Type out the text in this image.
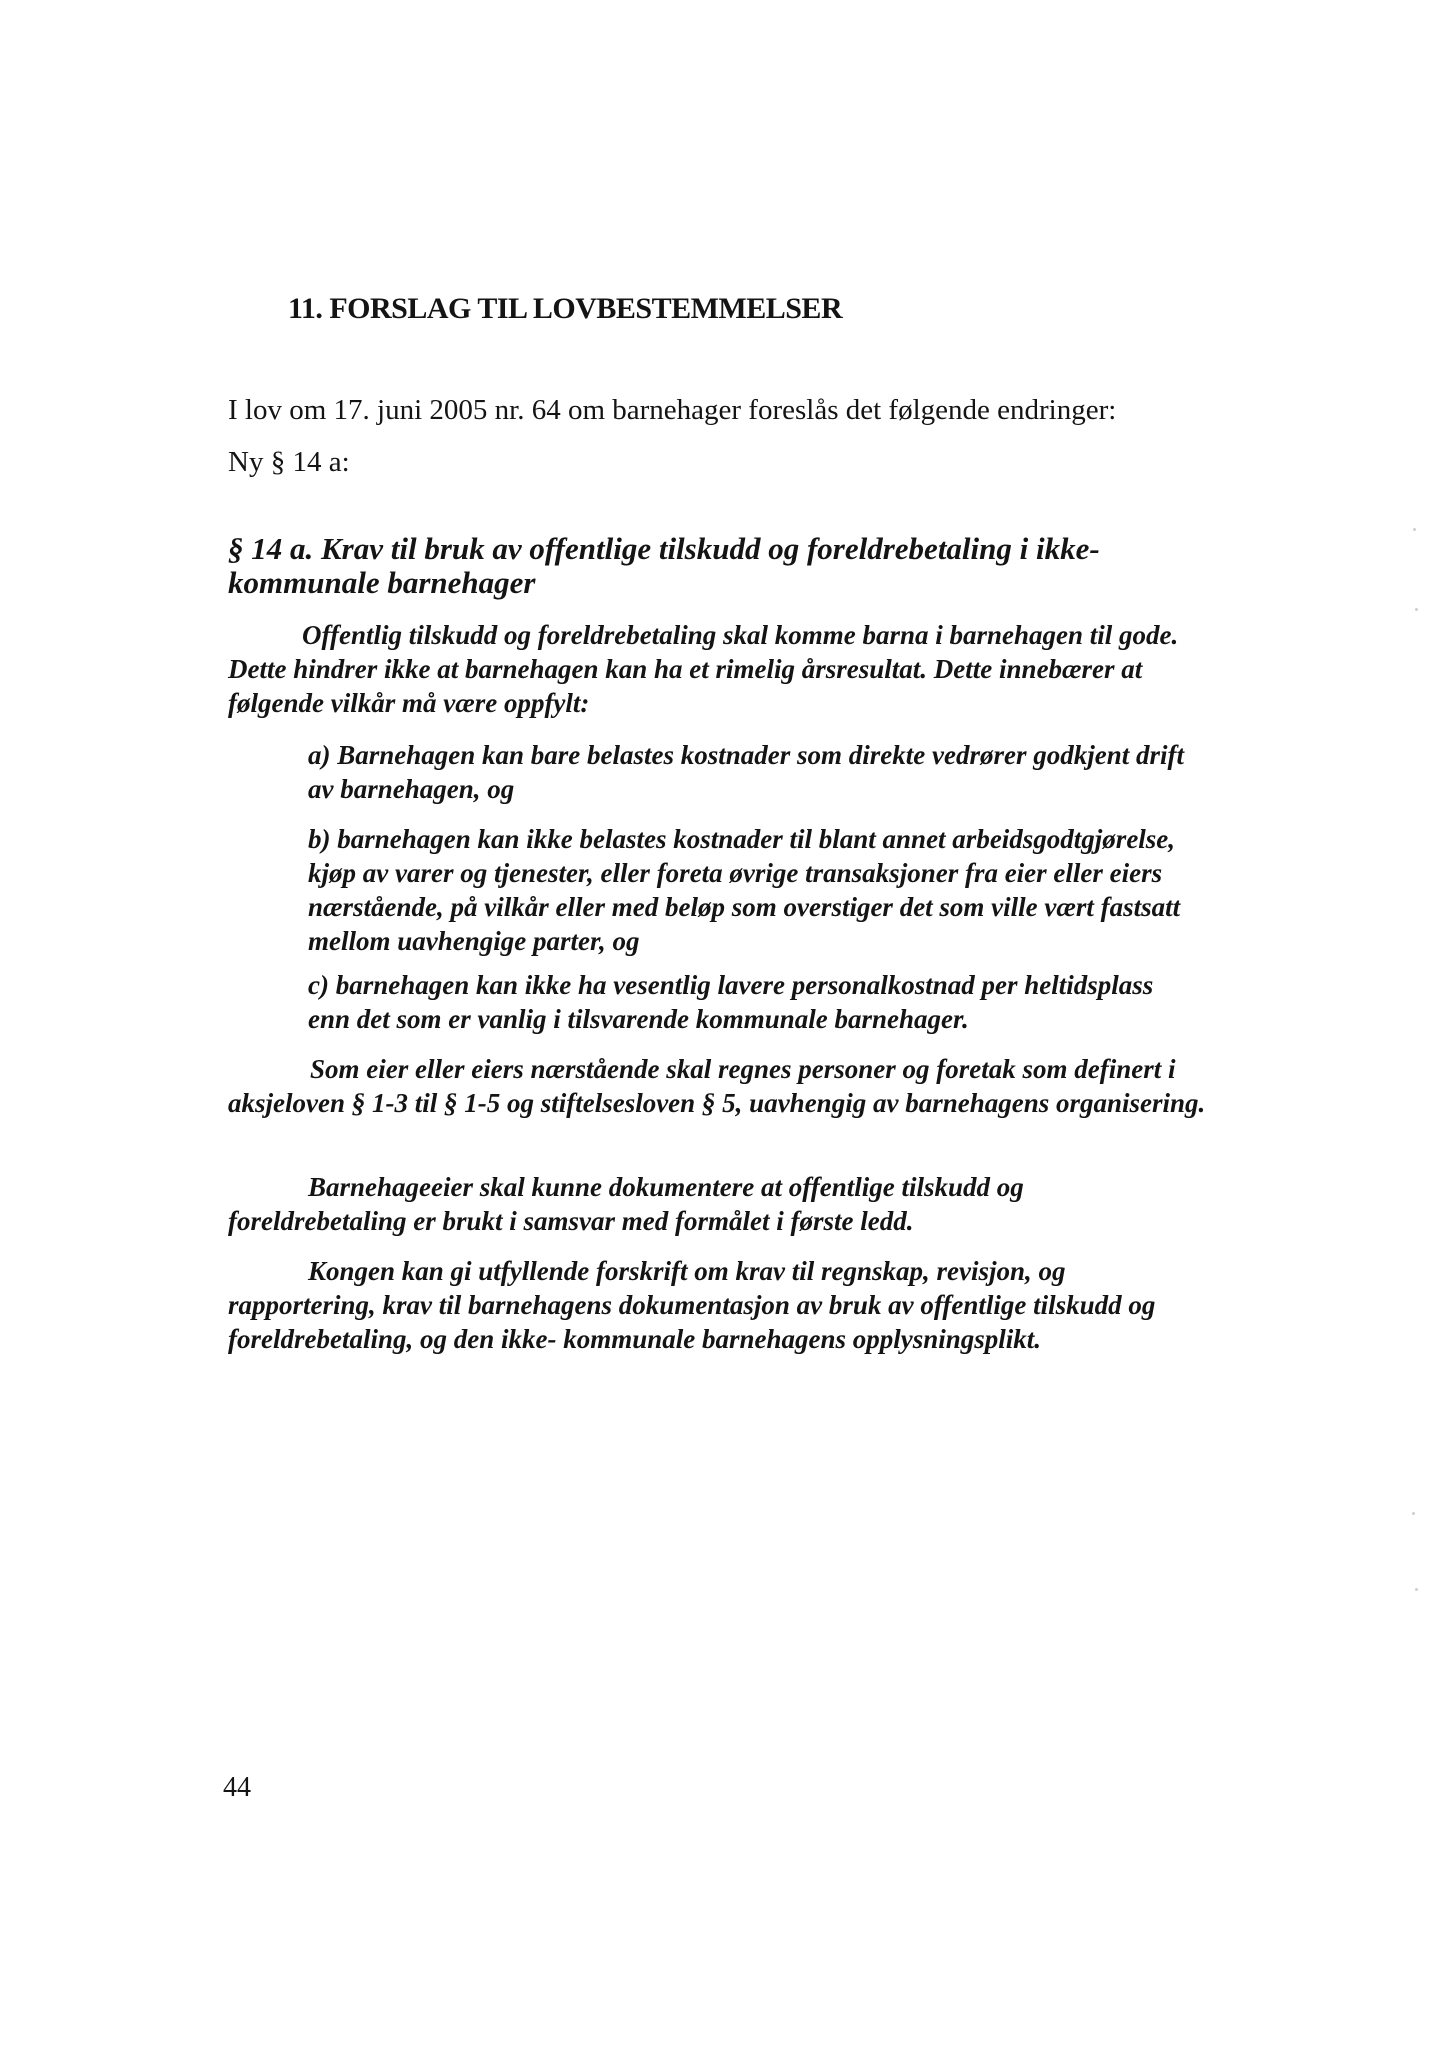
11. FORSLAG TIL LOVBESTEMMELSER

I lov om 17. juni 2005 nr. 64 om barnehager foreslås det følgende endringer:

Ny § 14 a:

§ 14 a. Krav til bruk av offentlige tilskudd og foreldrebetaling i ikke-kommunale barnehager

Offentlig tilskudd og foreldrebetaling skal komme barna i barnehagen til gode. Dette hindrer ikke at barnehagen kan ha et rimelig årsresultat. Dette innebærer at følgende vilkår må være oppfylt:

a) Barnehagen kan bare belastes kostnader som direkte vedrører godkjent drift av barnehagen, og

b) barnehagen kan ikke belastes kostnader til blant annet arbeidsgodtgjørelse, kjøp av varer og tjenester, eller foreta øvrige transaksjoner fra eier eller eiers nærstående, på vilkår eller med beløp som overstiger det som ville vært fastsatt mellom uavhengige parter, og

c) barnehagen kan ikke ha vesentlig lavere personalkostnad per heltidsplass enn det som er vanlig i tilsvarende kommunale barnehager.

Som eier eller eiers nærstående skal regnes personer og foretak som definert i aksjeloven § 1-3 til § 1-5 og stiftelsesloven § 5, uavhengig av barnehagens organisering.

Barnehageeier skal kunne dokumentere at offentlige tilskudd og foreldrebetaling er brukt i samsvar med formålet i første ledd.

Kongen kan gi utfyllende forskrift om krav til regnskap, revisjon, og rapportering, krav til barnehagens dokumentasjon av bruk av offentlige tilskudd og foreldrebetaling, og den ikke- kommunale barnehagens opplysningsplikt.

44
